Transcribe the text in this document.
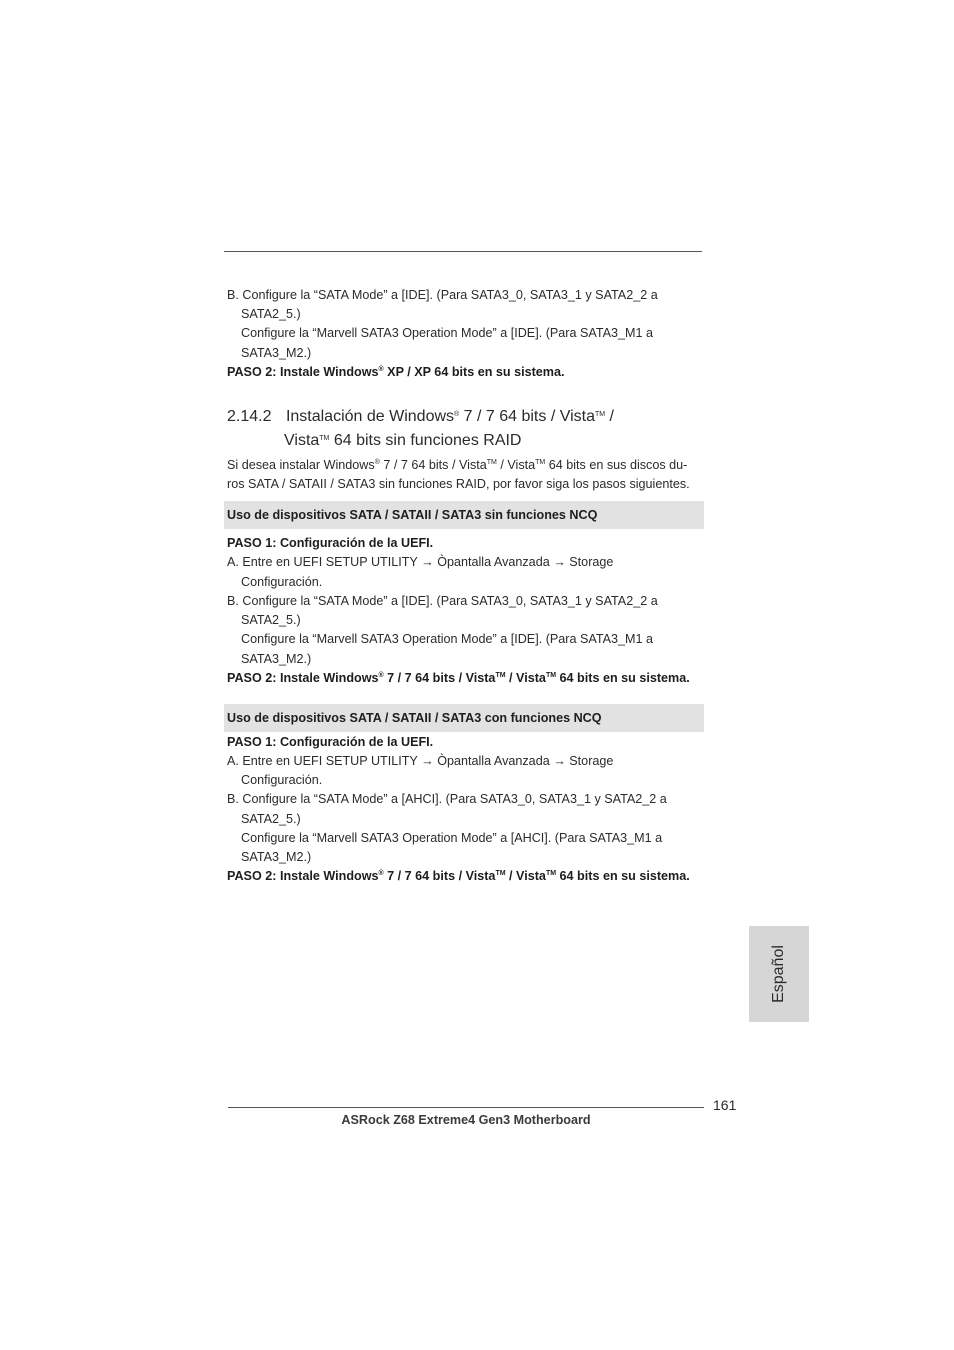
B. Configure la “SATA Mode” a [IDE]. (Para SATA3_0, SATA3_1 y SATA2_2 a
SATA2_5.)
Configure la “Marvell SATA3 Operation Mode” a [IDE]. (Para SATA3_M1 a
SATA3_M2.)
PASO 2: Instale Windows® XP / XP 64 bits en su sistema.
2.14.2 Instalación de Windows® 7 / 7 64 bits / Vista™ /
Vista™ 64 bits sin funciones RAID
Si desea instalar Windows® 7 / 7 64 bits / Vista™ / Vista™ 64 bits en sus discos du-
ros SATA / SATAII / SATA3 sin funciones RAID, por favor siga los pasos siguientes.
Uso de dispositivos SATA / SATAII / SATA3 sin funciones NCQ
PASO 1: Configuración de la UEFI.
A. Entre en UEFI SETUP UTILITY → Òpantalla Avanzada → Storage
Configuración.
B. Configure la “SATA Mode” a [IDE]. (Para SATA3_0, SATA3_1 y SATA2_2 a
SATA2_5.)
Configure la “Marvell SATA3 Operation Mode” a [IDE]. (Para SATA3_M1 a
SATA3_M2.)
PASO 2: Instale Windows® 7 / 7 64 bits / Vista™ / Vista™ 64 bits en su sistema.
Uso de dispositivos SATA / SATAII / SATA3 con funciones NCQ
PASO 1: Configuración de la UEFI.
A. Entre en UEFI SETUP UTILITY → Òpantalla Avanzada → Storage
Configuración.
B. Configure la “SATA Mode” a [AHCI]. (Para SATA3_0, SATA3_1 y SATA2_2 a
SATA2_5.)
Configure la “Marvell SATA3 Operation Mode” a [AHCI]. (Para SATA3_M1 a
SATA3_M2.)
PASO 2: Instale Windows® 7 / 7 64 bits / Vista™ / Vista™ 64 bits en su sistema.
Español
161
ASRock Z68 Extreme4 Gen3 Motherboard
